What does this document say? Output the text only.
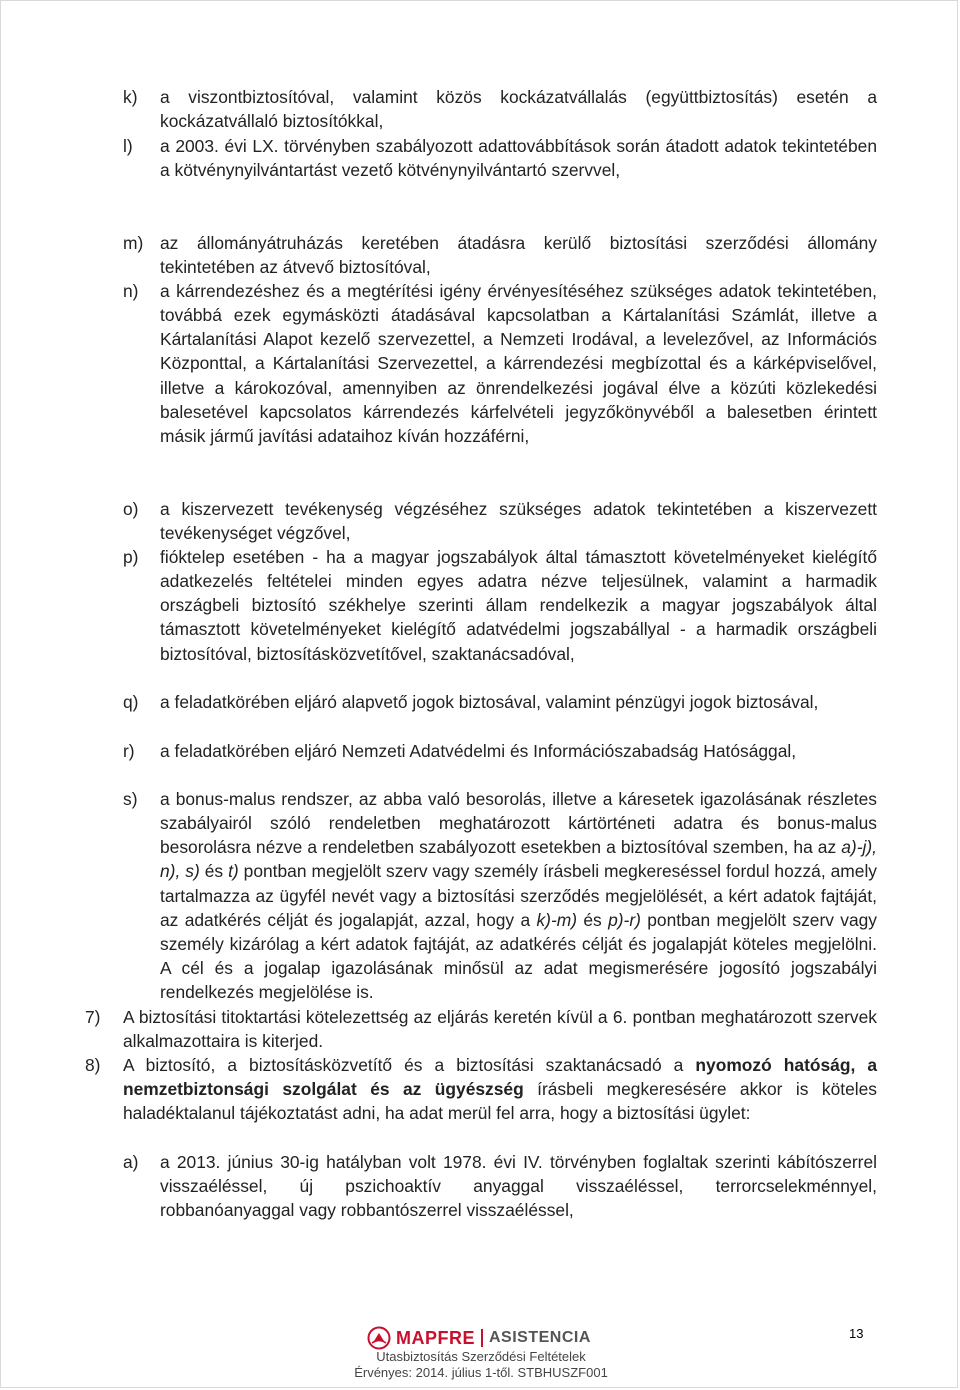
k) a viszontbiztosítóval, valamint közös kockázatvállalás (együttbiztosítás) esetén a kockázatvállaló biztosítókkal,
l) a 2003. évi LX. törvényben szabályozott adattovábbítások során átadott adatok tekintetében a kötvénynyilvántartást vezető kötvénynyilvántartó szervvel,
m) az állományátruházás keretében átadásra kerülő biztosítási szerződési állomány tekintetében az átvevő biztosítóval,
n) a kárrendezéshez és a megtérítési igény érvényesítéséhez szükséges adatok tekintetében, továbbá ezek egymásközti átadásával kapcsolatban a Kártalanítási Számlát, illetve a Kártalanítási Alapot kezelő szervezettel, a Nemzeti Irodával, a levelezővel, az Információs Központtal, a Kártalanítási Szervezettel, a kárrendezési megbízottal és a kárképviselővel, illetve a károkozóval, amennyiben az önrendelkezési jogával élve a közúti közlekedési balesetével kapcsolatos kárrendezés kárfelvételi jegyzőkönyvéből a balesetben érintett másik jármű javítási adataihoz kíván hozzáférni,
o) a kiszervezett tevékenység végzéséhez szükséges adatok tekintetében a kiszervezett tevékenységet végzővel,
p) fióktelep esetében - ha a magyar jogszabályok által támasztott követelményeket kielégítő adatkezelés feltételei minden egyes adatra nézve teljesülnek, valamint a harmadik országbeli biztosító székhelye szerinti állam rendelkezik a magyar jogszabályok által támasztott követelményeket kielégítő adatvédelmi jogszabállyal - a harmadik országbeli biztosítóval, biztosításközvetítővel, szaktanácsadóval,
q) a feladatkörében eljáró alapvető jogok biztosával, valamint pénzügyi jogok biztosával,
r) a feladatkörében eljáró Nemzeti Adatvédelmi és Információszabadság Hatósággal,
s) a bonus-malus rendszer, az abba való besorolás, illetve a káresetek igazolásának részletes szabályairól szóló rendeletben meghatározott kártörténeti adatra és bonus-malus besorolásra nézve a rendeletben szabályozott esetekben a biztosítóval szemben, ha az a)-j), n), s) és t) pontban megjelölt szerv vagy személy írásbeli megkereséssel fordul hozzá, amely tartalmazza az ügyfél nevét vagy a biztosítási szerződés megjelölését, a kért adatok fajtáját, az adatkérés célját és jogalapját, azzal, hogy a k)-m) és p)-r) pontban megjelölt szerv vagy személy kizárólag a kért adatok fajtáját, az adatkérés célját és jogalapját köteles megjelölni. A cél és a jogalap igazolásának minősül az adat megismerésére jogosító jogszabályi rendelkezés megjelölése is.
7) A biztosítási titoktartási kötelezettség az eljárás keretén kívül a 6. pontban meghatározott szervek alkalmazottaira is kiterjed.
8) A biztosító, a biztosításközvetítő és a biztosítási szaktanácsadó a nyomozó hatóság, a nemzetbiztonsági szolgálat és az ügyészség írásbeli megkeresésére akkor is köteles haladéktalanul tájékoztatást adni, ha adat merül fel arra, hogy a biztosítási ügylet:
a) a 2013. június 30-ig hatályban volt 1978. évi IV. törvényben foglaltak szerinti kábítószerrel visszaéléssel, új pszichoaktív anyaggal visszaéléssel, terrorcselekménnyel, robbanóanyaggal vagy robbantószerrel visszaéléssel,
MAPFRE ASISTENCIA	13
Utasbiztosítás Szerződési Feltételek
Érvényes: 2014. július 1-től. STBHUSZF001
